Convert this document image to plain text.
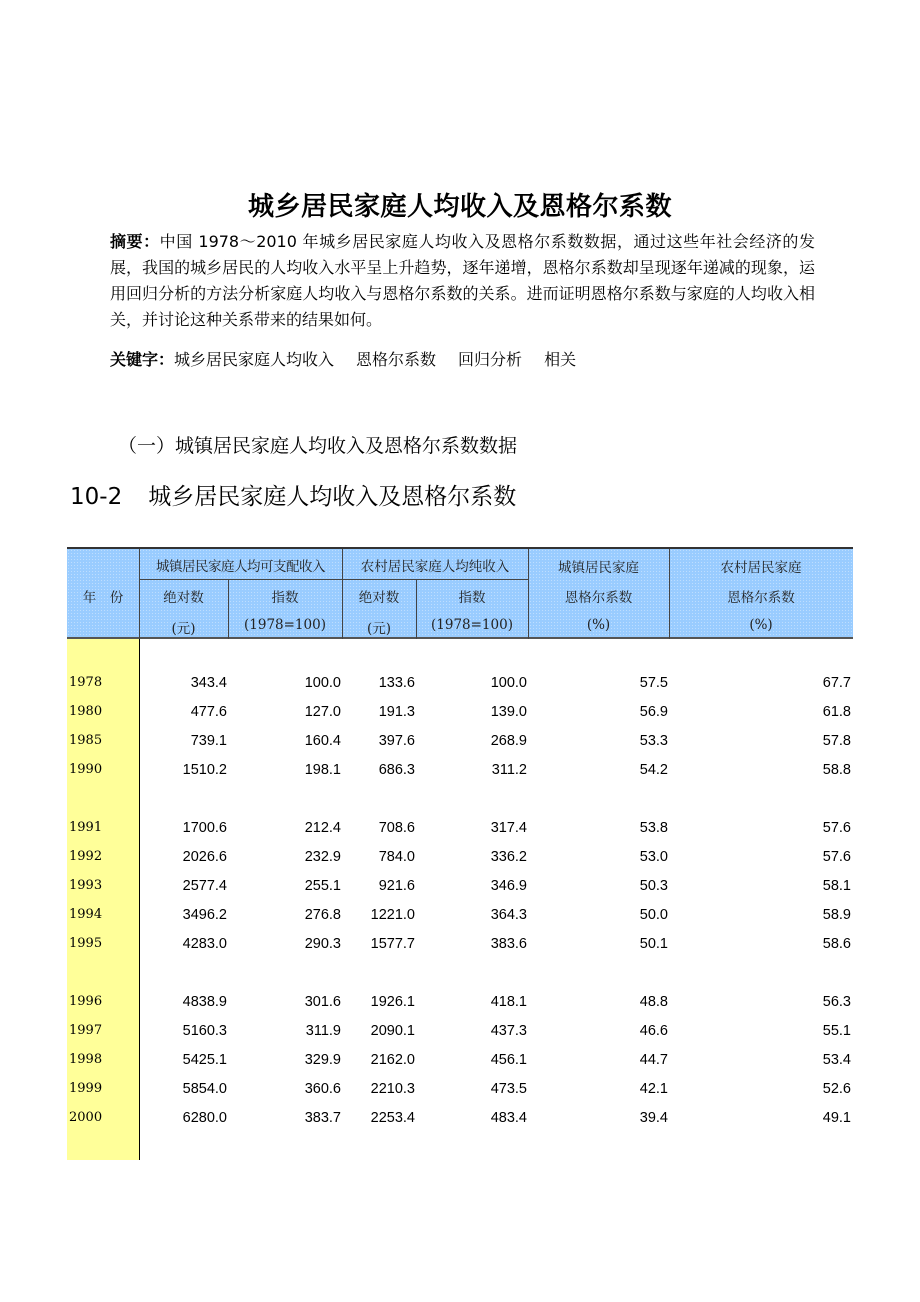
城乡居民家庭人均收入及恩格尔系数
摘要：中国 1978～2010 年城乡居民家庭人均收入及恩格尔系数数据，通过这些年社会经济的发展，我国的城乡居民的人均收入水平呈上升趋势，逐年递增，恩格尔系数却呈现逐年递减的现象，运用回归分析的方法分析家庭人均收入与恩格尔系数的关系。进而证明恩格尔系数与家庭的人均收入相关，并讨论这种关系带来的结果如何。
关键字：城乡居民家庭人均收入 恩格尔系数 回归分析 相关
（一）城镇居民家庭人均收入及恩格尔系数数据
10-2 城乡居民家庭人均收入及恩格尔系数
年　份
城镇居民家庭人均可支配收入	农村居民家庭人均纯收入
绝对数	指数	绝对数	指数
(元)	(1978=100)	(元)	(1978=100)
城镇居民家庭
恩格尔系数
(%)
农村居民家庭
恩格尔系数
(%)
1978	343.4	100.0	133.6	100.0	57.5	67.7
1980	477.6	127.0	191.3	139.0	56.9	61.8
1985	739.1	160.4	397.6	268.9	53.3	57.8
1990	1510.2	198.1	686.3	311.2	54.2	58.8
1991	1700.6	212.4	708.6	317.4	53.8	57.6
1992	2026.6	232.9	784.0	336.2	53.0	57.6
1993	2577.4	255.1	921.6	346.9	50.3	58.1
1994	3496.2	276.8 1221.0	364.3	50.0	58.9
1995	4283.0	290.3 1577.7	383.6	50.1	58.6
1996	4838.9	301.6 1926.1	418.1	48.8	56.3
1997	5160.3	311.9 2090.1	437.3	46.6	55.1
1998	5425.1	329.9 2162.0	456.1	44.7	53.4
1999	5854.0	360.6 2210.3	473.5	42.1	52.6
2000	6280.0	383.7 2253.4	483.4	39.4	49.1
